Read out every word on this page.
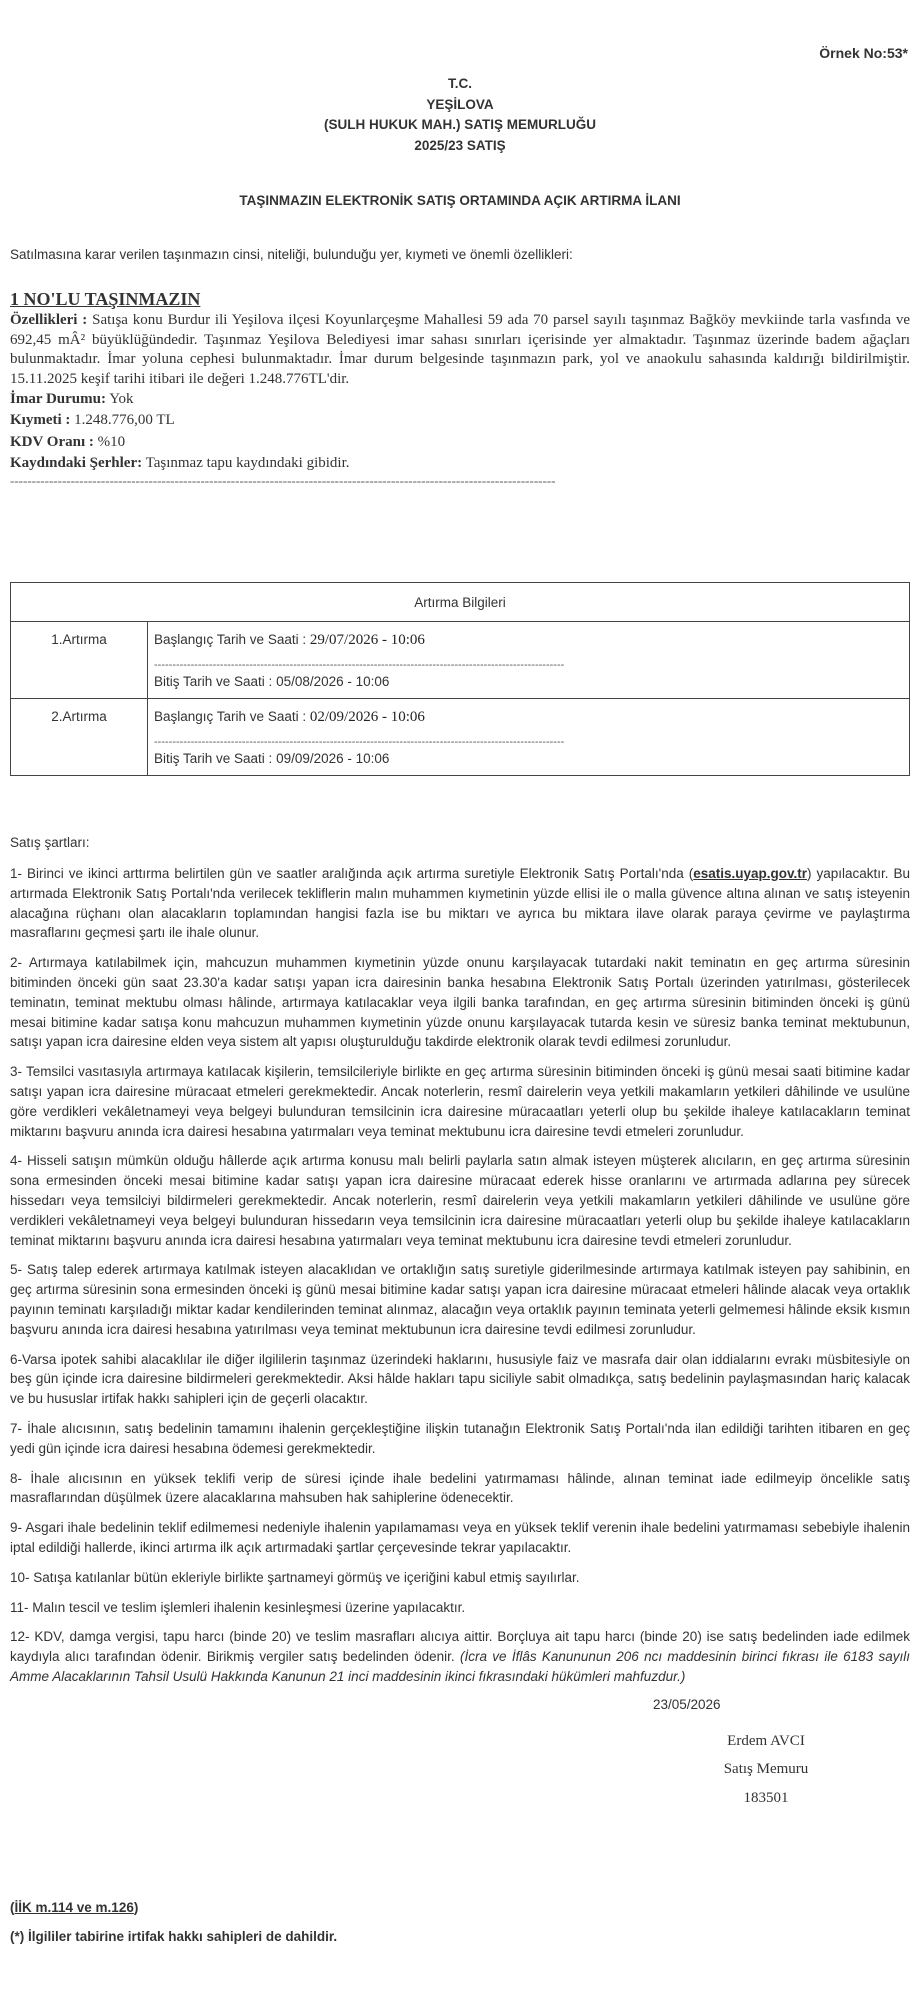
Örnek No:53*
T.C.
YEŞİLOVA
(SULH HUKUK MAH.) SATIŞ MEMURLUĞU
2025/23 SATIŞ
TAŞINMAZIN ELEKTRONİK SATIŞ ORTAMINDA AÇIK ARTIRMA İLANI
Satılmasına karar verilen taşınmazın cinsi, niteliği, bulunduğu yer, kıymeti ve önemli özellikleri:
1 NO'LU TAŞINMAZIN
Özellikleri : Satışa konu Burdur ili Yeşilova ilçesi Koyunlarçeşme Mahallesi 59 ada 70 parsel sayılı taşınmaz Bağköy mevkiinde tarla vasfında ve 692,45 mÂ² büyüklüğündedir. Taşınmaz Yeşilova Belediyesi imar sahası sınırları içerisinde yer almaktadır. Taşınmaz üzerinde badem ağaçları bulunmaktadır. İmar yoluna cephesi bulunmaktadır. İmar durum belgesinde taşınmazın park, yol ve anaokulu sahasında kaldırığı bildirilmiştir. 15.11.2025 keşif tarihi itibari ile değeri 1.248.776TL'dir.
İmar Durumu: Yok
Kıymeti : 1.248.776,00 TL
KDV Oranı : %10
Kaydındaki Şerhler: Taşınmaz tapu kaydındaki gibidir.
------------------------------------------------------------------------------------------------------------------------------
Artırma Bilgileri	
1.Artırma	Başlangıç Tarih ve Saati : 29/07/2026 - 10:06
----------------------------------------------------------------------------------------------------------------
Bitiş Tarih ve Saati : 05/08/2026 - 10:06

2.Artırma	Başlangıç Tarih ve Saati : 02/09/2026 - 10:06
----------------------------------------------------------------------------------------------------------------
Bitiş Tarih ve Saati : 09/09/2026 - 10:06
Satış şartları:

1- Birinci ve ikinci arttırma belirtilen gün ve saatler aralığında açık artırma suretiyle Elektronik Satış Portalı'nda (esatis.uyap.gov.tr) yapılacaktır. Bu artırmada Elektronik Satış Portalı'nda verilecek tekliflerin malın muhammen kıymetinin yüzde ellisi ile o malla güvence altına alınan ve satış isteyenin alacağına rüçhanı olan alacakların toplamından hangisi fazla ise bu miktarı ve ayrıca bu miktara ilave olarak paraya çevirme ve paylaştırma masraflarını geçmesi şartı ile ihale olunur.

2- Artırmaya katılabilmek için, mahcuzun muhammen kıymetinin yüzde onunu karşılayacak tutardaki nakit teminatın en geç artırma süresinin bitiminden önceki gün saat 23.30'a kadar satışı yapan icra dairesinin banka hesabına Elektronik Satış Portalı üzerinden yatırılması, gösterilecek teminatın, teminat mektubu olması hâlinde, artırmaya katılacaklar veya ilgili banka tarafından, en geç artırma süresinin bitiminden önceki iş günü mesai bitimine kadar satışa konu mahcuzun muhammen kıymetinin yüzde onunu karşılayacak tutarda kesin ve süresiz banka teminat mektubunun, satışı yapan icra dairesine elden veya sistem alt yapısı oluşturulduğu takdirde elektronik olarak tevdi edilmesi zorunludur.

3- Temsilci vasıtasıyla artırmaya katılacak kişilerin, temsilcileriyle birlikte en geç artırma süresinin bitiminden önceki iş günü mesai saati bitimine kadar satışı yapan icra dairesine müracaat etmeleri gerekmektedir. Ancak noterlerin, resmî dairelerin veya yetkili makamların yetkileri dâhilinde ve usulüne göre verdikleri vekâletnameyi veya belgeyi bulunduran temsilcinin icra dairesine müracaatları yeterli olup bu şekilde ihaleye katılacakların teminat miktarını başvuru anında icra dairesi hesabına yatırmaları veya teminat mektubunu icra dairesine tevdi etmeleri zorunludur.

4- Hisseli satışın mümkün olduğu hâllerde açık artırma konusu malı belirli paylarla satın almak isteyen müşterek alıcıların, en geç artırma süresinin sona ermesinden önceki mesai bitimine kadar satışı yapan icra dairesine müracaat ederek hisse oranlarını ve artırmada adlarına pey sürecek hissedarı veya temsilciyi bildirmeleri gerekmektedir. Ancak noterlerin, resmî dairelerin veya yetkili makamların yetkileri dâhilinde ve usulüne göre verdikleri vekâletnameyi veya belgeyi bulunduran hissedarın veya temsilcinin icra dairesine müracaatları yeterli olup bu şekilde ihaleye katılacakların teminat miktarını başvuru anında icra dairesi hesabına yatırmaları veya teminat mektubunu icra dairesine tevdi etmeleri zorunludur.

5- Satış talep ederek artırmaya katılmak isteyen alacaklıdan ve ortaklığın satış suretiyle giderilmesinde artırmaya katılmak isteyen pay sahibinin, en geç artırma süresinin sona ermesinden önceki iş günü mesai bitimine kadar satışı yapan icra dairesine müracaat etmeleri hâlinde alacak veya ortaklık payının teminatı karşıladığı miktar kadar kendilerinden teminat alınmaz, alacağın veya ortaklık payının teminata yeterli gelmemesi hâlinde eksik kısmın başvuru anında icra dairesi hesabına yatırılması veya teminat mektubunun icra dairesine tevdi edilmesi zorunludur.

6-Varsa ipotek sahibi alacaklılar ile diğer ilgililerin taşınmaz üzerindeki haklarını, hususiyle faiz ve masrafa dair olan iddialarını evrakı müsbitesiyle on beş gün içinde icra dairesine bildirmeleri gerekmektedir. Aksi hâlde hakları tapu siciliyle sabit olmadıkça, satış bedelinin paylaşmasından hariç kalacak ve bu hususlar irtifak hakkı sahipleri için de geçerli olacaktır.

7- İhale alıcısının, satış bedelinin tamamını ihalenin gerçekleştiğine ilişkin tutanağın Elektronik Satış Portalı'nda ilan edildiği tarihten itibaren en geç yedi gün içinde icra dairesi hesabına ödemesi gerekmektedir.

8- İhale alıcısının en yüksek teklifi verip de süresi içinde ihale bedelini yatırmaması hâlinde, alınan teminat iade edilmeyip öncelikle satış masraflarından düşülmek üzere alacaklarına mahsuben hak sahiplerine ödenecektir.

9- Asgari ihale bedelinin teklif edilmemesi nedeniyle ihalenin yapılamaması veya en yüksek teklif verenin ihale bedelini yatırmaması sebebiyle ihalenin iptal edildiği hallerde, ikinci artırma ilk açık artırmadaki şartlar çerçevesinde tekrar yapılacaktır.

10- Satışa katılanlar bütün ekleriyle birlikte şartnameyi görmüş ve içeriğini kabul etmiş sayılırlar.

11- Malın tescil ve teslim işlemleri ihalenin kesinleşmesi üzerine yapılacaktır.

12- KDV, damga vergisi, tapu harcı (binde 20) ve teslim masrafları alıcıya aittir. Borçluya ait tapu harcı (binde 20) ise satış bedelinden iade edilmek kaydıyla alıcı tarafından ödenir. Birikmiş vergiler satış bedelinden ödenir. (İcra ve İflâs Kanununun 206 ncı maddesinin birinci fıkrası ile 6183 sayılı Amme Alacaklarının Tahsil Usulü Hakkında Kanunun 21 inci maddesinin ikinci fıkrasındaki hükümleri mahfuzdur.)

23/05/2026
Erdem AVCI
Satış Memuru
183501
(İİK m.114 ve m.126)
(*) İlgililer tabirine irtifak hakkı sahipleri de dahildir.
